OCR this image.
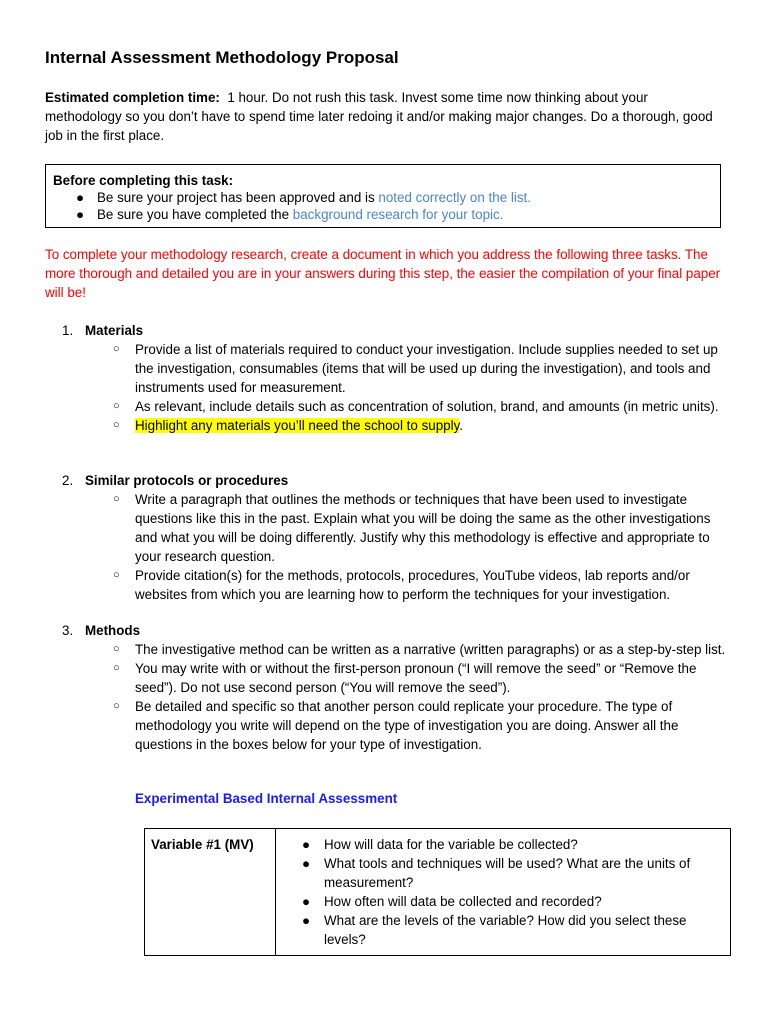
Internal Assessment Methodology Proposal

Estimated completion time: 1 hour. Do not rush this task. Invest some time now thinking about your methodology so you don’t have to spend time later redoing it and/or making major changes. Do a thorough, good job in the first place.

Before completing this task:
● Be sure your project has been approved and is noted correctly on the list.
● Be sure you have completed the background research for your topic.

To complete your methodology research, create a document in which you address the following three tasks. The more thorough and detailed you are in your answers during this step, the easier the compilation of your final paper will be!

1. Materials
○ Provide a list of materials required to conduct your investigation. Include supplies needed to set up the investigation, consumables (items that will be used up during the investigation), and tools and instruments used for measurement.
○ As relevant, include details such as concentration of solution, brand, and amounts (in metric units).
○ Highlight any materials you’ll need the school to supply.
2. Similar protocols or procedures
○ Write a paragraph that outlines the methods or techniques that have been used to investigate questions like this in the past. Explain what you will be doing the same as the other investigations and what you will be doing differently. Justify why this methodology is effective and appropriate to your research question.
○ Provide citation(s) for the methods, protocols, procedures, YouTube videos, lab reports and/or websites from which you are learning how to perform the techniques for your investigation.
3. Methods
○ The investigative method can be written as a narrative (written paragraphs) or as a step-by-step list.
○ You may write with or without the first-person pronoun (“I will remove the seed” or “Remove the seed”). Do not use second person (“You will remove the seed”).
○ Be detailed and specific so that another person could replicate your procedure. The type of methodology you write will depend on the type of investigation you are doing. Answer all the questions in the boxes below for your type of investigation.

Experimental Based Internal Assessment

Variable #1 (MV)	● How will data for the variable be collected?
● What tools and techniques will be used? What are the units of measurement?
● How often will data be collected and recorded?
● What are the levels of the variable? How did you select these levels?
